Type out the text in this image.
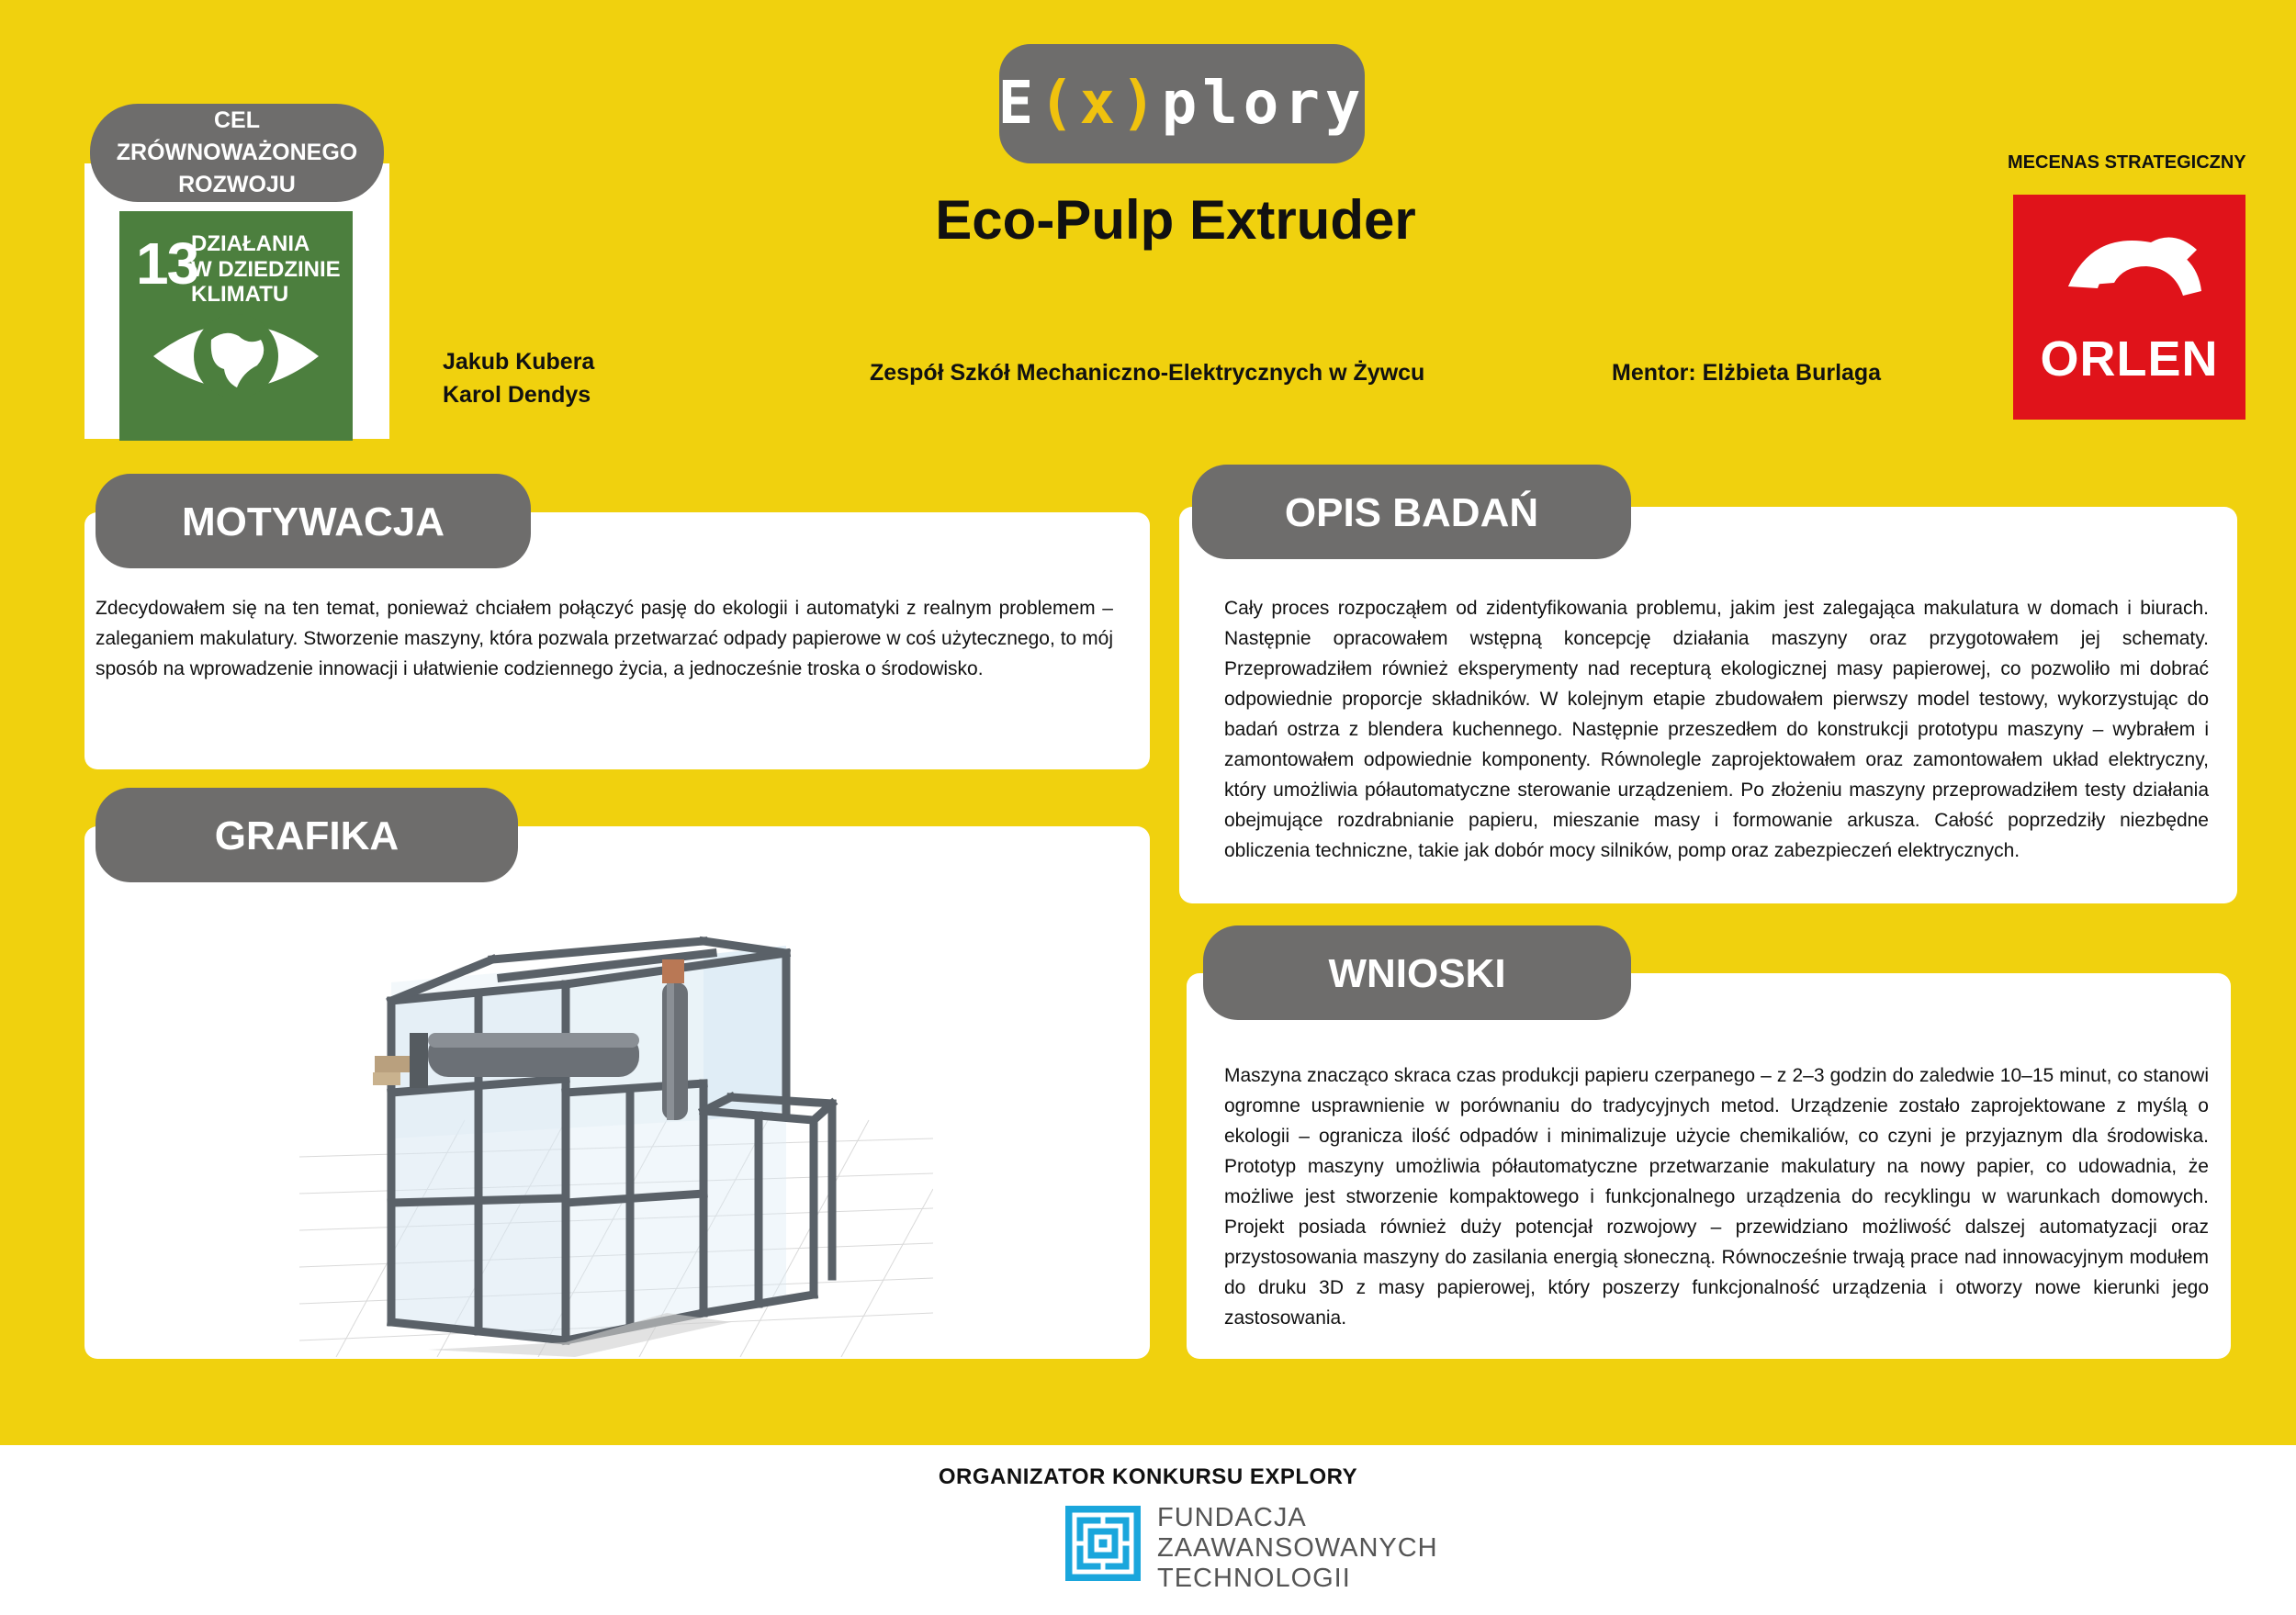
E(x)plory
Eco-Pulp Extruder
13
DZIAŁANIA
W DZIEDZINIE
KLIMATU
CEL
ZRÓWNOWAŻONEGO
ROZWOJU
Jakub Kubera
Karol Dendys
Zespół Szkół Mechaniczno-Elektrycznych w Żywcu	Mentor: Elżbieta Burlaga
MECENAS STRATEGICZNY
ORLEN
MOTYWACJA
Zdecydowałem się na ten temat, ponieważ chciałem połączyć pasję do ekologii i automatyki z realnym problemem – zaleganiem makulatury. Stworzenie maszyny, która pozwala przetwarzać odpady papierowe w coś użytecznego, to mój sposób na wprowadzenie innowacji i ułatwienie codziennego życia, a jednocześnie troska o środowisko.
GRAFIKA
OPIS BADAŃ
Cały proces rozpocząłem od zidentyfikowania problemu, jakim jest zalegająca makulatura w domach i biurach. Następnie opracowałem wstępną koncepcję działania maszyny oraz przygotowałem jej schematy. Przeprowadziłem również eksperymenty nad recepturą ekologicznej masy papierowej, co pozwoliło mi dobrać odpowiednie proporcje składników. W kolejnym etapie zbudowałem pierwszy model testowy, wykorzystując do badań ostrza z blendera kuchennego. Następnie przeszedłem do konstrukcji prototypu maszyny – wybrałem i zamontowałem odpowiednie komponenty. Równolegle zaprojektowałem oraz zamontowałem układ elektryczny, który umożliwia półautomatyczne sterowanie urządzeniem. Po złożeniu maszyny przeprowadziłem testy działania obejmujące rozdrabnianie papieru, mieszanie masy i formowanie arkusza. Całość poprzedziły niezbędne obliczenia techniczne, takie jak dobór mocy silników, pomp oraz zabezpieczeń elektrycznych.
WNIOSKI
Maszyna znacząco skraca czas produkcji papieru czerpanego – z 2–3 godzin do zaledwie 10–15 minut, co stanowi ogromne usprawnienie w porównaniu do tradycyjnych metod. Urządzenie zostało zaprojektowane z myślą o ekologii – ogranicza ilość odpadów i minimalizuje użycie chemikaliów, co czyni je przyjaznym dla środowiska. Prototyp maszyny umożliwia półautomatyczne przetwarzanie makulatury na nowy papier, co udowadnia, że możliwe jest stworzenie kompaktowego i funkcjonalnego urządzenia do recyklingu w warunkach domowych. Projekt posiada również duży potencjał rozwojowy – przewidziano możliwość dalszej automatyzacji oraz przystosowania maszyny do zasilania energią słoneczną. Równocześnie trwają prace nad innowacyjnym modułem do druku 3D z masy papierowej, który poszerzy funkcjonalność urządzenia i otworzy nowe kierunki jego zastosowania.
ORGANIZATOR KONKURSU EXPLORY
FUNDACJA
ZAAWANSOWANYCH
TECHNOLOGII
